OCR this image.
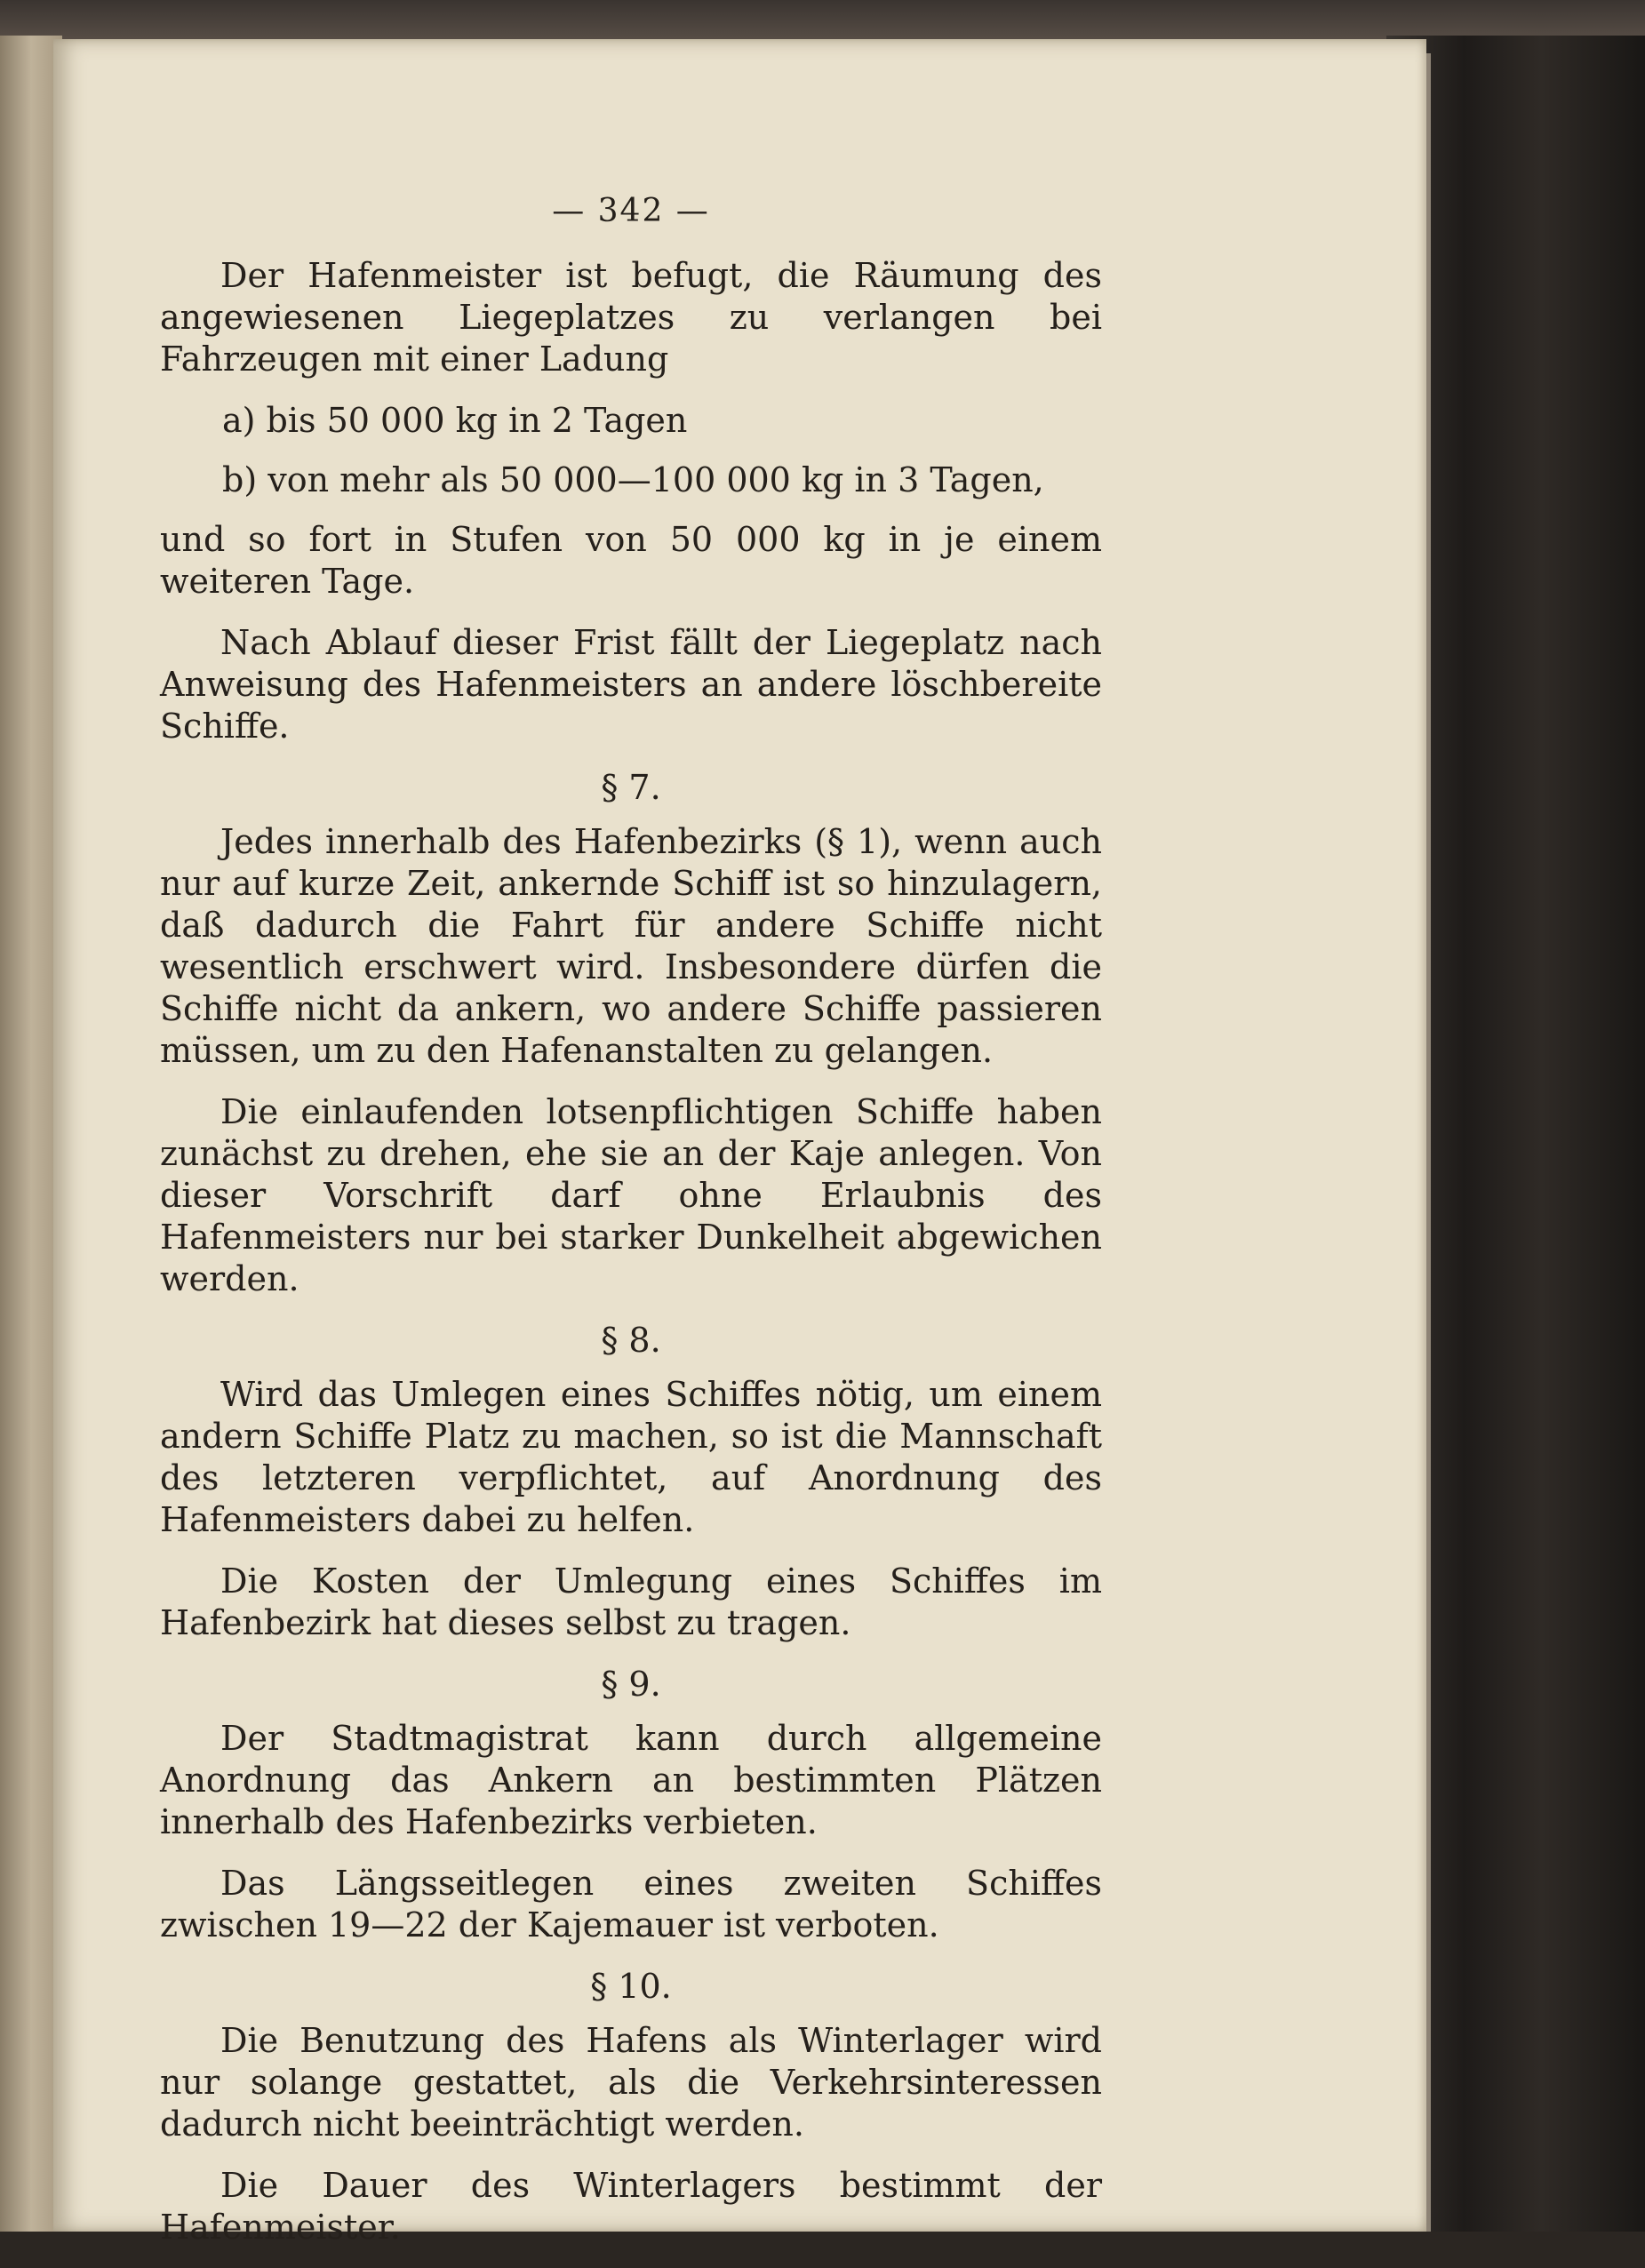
— 342 —

Der Hafenmeister ist befugt, die Räumung des angewiesenen Liegeplatzes zu verlangen bei Fahrzeugen mit einer Ladung

a) bis 50 000 kg in 2 Tagen

b) von mehr als 50 000—100 000 kg in 3 Tagen,

und so fort in Stufen von 50 000 kg in je einem weiteren Tage.

Nach Ablauf dieser Frist fällt der Liegeplatz nach Anweisung des Hafenmeisters an andere löschbereite Schiffe.

§ 7.

Jedes innerhalb des Hafenbezirks (§ 1), wenn auch nur auf kurze Zeit, ankernde Schiff ist so hinzulagern, daß dadurch die Fahrt für andere Schiffe nicht wesentlich erschwert wird. Insbesondere dürfen die Schiffe nicht da ankern, wo andere Schiffe passieren müssen, um zu den Hafenanstalten zu gelangen.

Die einlaufenden lotsenpflichtigen Schiffe haben zunächst zu drehen, ehe sie an der Kaje anlegen. Von dieser Vorschrift darf ohne Erlaubnis des Hafenmeisters nur bei starker Dunkelheit abgewichen werden.

§ 8.

Wird das Umlegen eines Schiffes nötig, um einem andern Schiffe Platz zu machen, so ist die Mannschaft des letzteren verpflichtet, auf Anordnung des Hafenmeisters dabei zu helfen.

Die Kosten der Umlegung eines Schiffes im Hafenbezirk hat dieses selbst zu tragen.

§ 9.

Der Stadtmagistrat kann durch allgemeine Anordnung das Ankern an bestimmten Plätzen innerhalb des Hafenbezirks verbieten.

Das Längsseitlegen eines zweiten Schiffes zwischen 19—22 der Kajemauer ist verboten.

§ 10.

Die Benutzung des Hafens als Winterlager wird nur solange gestattet, als die Verkehrsinteressen dadurch nicht beeinträchtigt werden.

Die Dauer des Winterlagers bestimmt der Hafenmeister.
